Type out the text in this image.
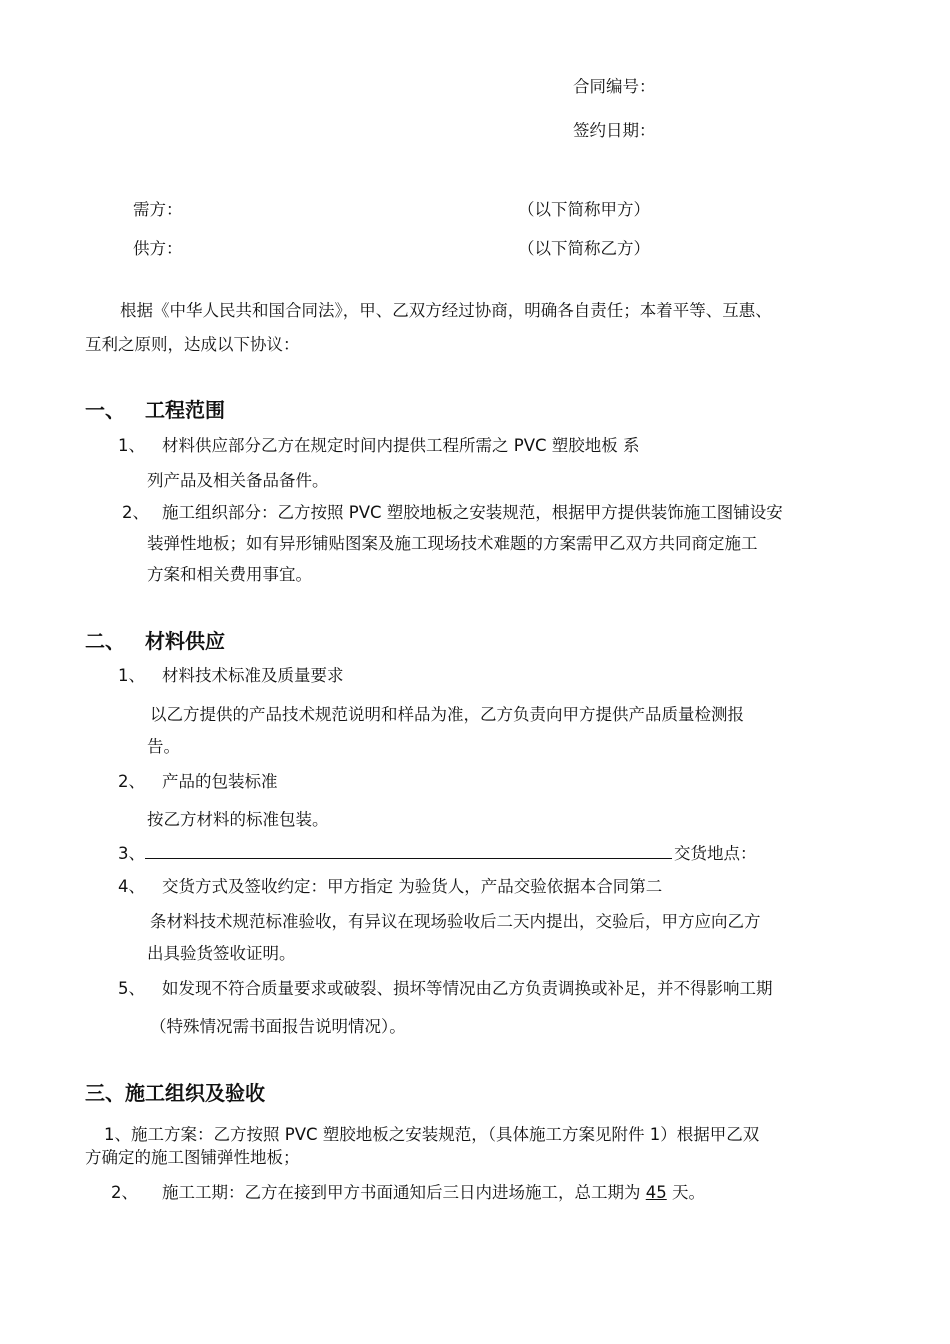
合同编号：
签约日期：
需方：	（以下简称甲方）
供方：	（以下简称乙方）
根据《中华人民共和国合同法》，甲、乙双方经过协商，明确各自责任；本着平等、互惠、
互利之原则，达成以下协议：
一、 工程范围
1、 材料供应部分乙方在规定时间内提供工程所需之 PVC 塑胶地板 系
列产品及相关备品备件。
2、 施工组织部分：乙方按照 PVC 塑胶地板之安装规范，根据甲方提供装饰施工图铺设安
装弹性地板；如有异形铺贴图案及施工现场技术难题的方案需甲乙双方共同商定施工
方案和相关费用事宜。
二、 材料供应
1、 材料技术标准及质量要求
以乙方提供的产品技术规范说明和样品为准，乙方负责向甲方提供产品质量检测报
告。
2、 产品的包装标准
按乙方材料的标准包装。
3、	交货地点：
4、 交货方式及签收约定：甲方指定 为验货人，产品交验依据本合同第二
条材料技术规范标准验收，有异议在现场验收后二天内提出，交验后，甲方应向乙方
出具验货签收证明。
5、 如发现不符合质量要求或破裂、损坏等情况由乙方负责调换或补足，并不得影响工期
（特殊情况需书面报告说明情况）。
三、施工组织及验收
1、施工方案：乙方按照 PVC 塑胶地板之安装规范，（具体施工方案见附件 1）根据甲乙双
方确定的施工图铺弹性地板；
2、 施工工期：乙方在接到甲方书面通知后三日内进场施工，总工期为 45 天。
